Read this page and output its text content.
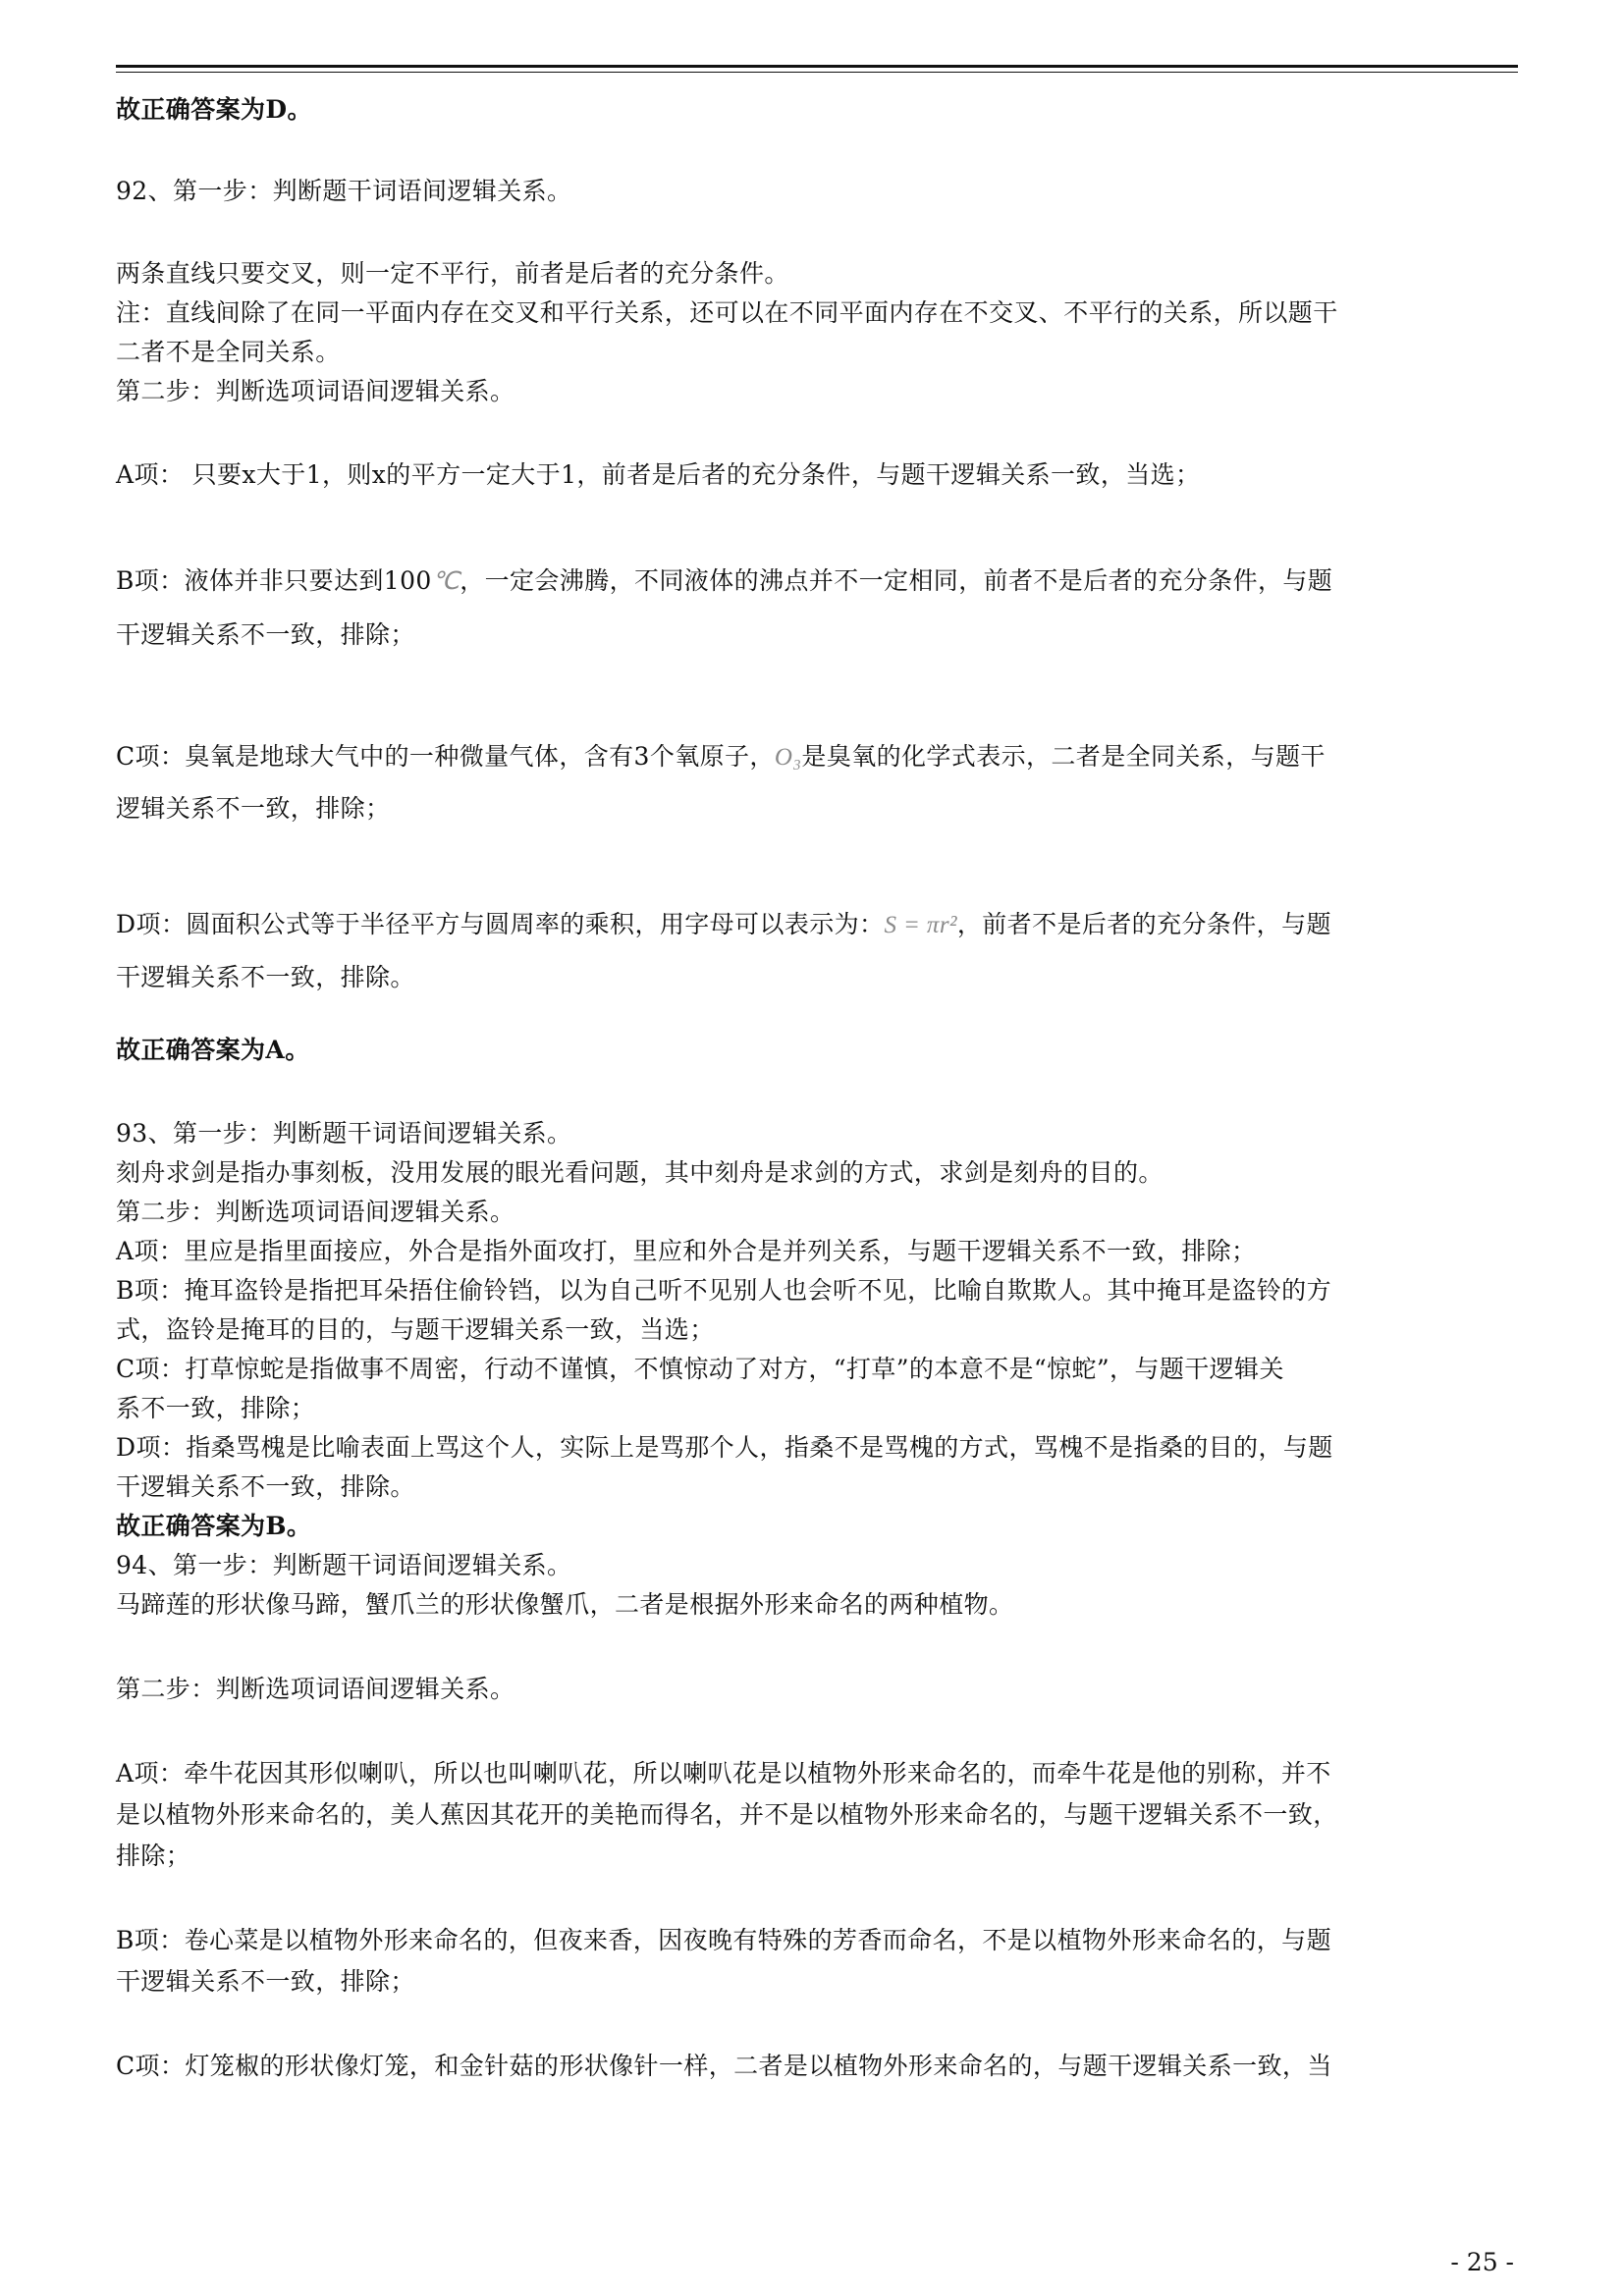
故正确答案为D。
92、第一步：判断题干词语间逻辑关系。
两条直线只要交叉，则一定不平行，前者是后者的充分条件。
注：直线间除了在同一平面内存在交叉和平行关系，还可以在不同平面内存在不交叉、不平行的关系，所以题干
二者不是全同关系。
第二步：判断选项词语间逻辑关系。
A项： 只要x大于1，则x的平方一定大于1，前者是后者的充分条件，与题干逻辑关系一致，当选；
B项：液体并非只要达到100℃，一定会沸腾，不同液体的沸点并不一定相同，前者不是后者的充分条件，与题
干逻辑关系不一致，排除；
C项：臭氧是地球大气中的一种微量气体，含有3个氧原子，O₃是臭氧的化学式表示，二者是全同关系，与题干
逻辑关系不一致，排除；
D项：圆面积公式等于半径平方与圆周率的乘积，用字母可以表示为：S = πr²，前者不是后者的充分条件，与题
干逻辑关系不一致，排除。
故正确答案为A。
93、第一步：判断题干词语间逻辑关系。
刻舟求剑是指办事刻板，没用发展的眼光看问题，其中刻舟是求剑的方式，求剑是刻舟的目的。
第二步：判断选项词语间逻辑关系。
A项：里应是指里面接应，外合是指外面攻打，里应和外合是并列关系，与题干逻辑关系不一致，排除；
B项：掩耳盗铃是指把耳朵捂住偷铃铛，以为自己听不见别人也会听不见，比喻自欺欺人。其中掩耳是盗铃的方
式，盗铃是掩耳的目的，与题干逻辑关系一致，当选；
C项：打草惊蛇是指做事不周密，行动不谨慎，不慎惊动了对方，“打草”的本意不是“惊蛇”，与题干逻辑关
系不一致，排除；
D项：指桑骂槐是比喻表面上骂这个人，实际上是骂那个人，指桑不是骂槐的方式，骂槐不是指桑的目的，与题
干逻辑关系不一致，排除。
故正确答案为B。
94、第一步：判断题干词语间逻辑关系。
马蹄莲的形状像马蹄，蟹爪兰的形状像蟹爪，二者是根据外形来命名的两种植物。
第二步：判断选项词语间逻辑关系。
A项：牵牛花因其形似喇叭，所以也叫喇叭花，所以喇叭花是以植物外形来命名的，而牵牛花是他的别称，并不
是以植物外形来命名的，美人蕉因其花开的美艳而得名，并不是以植物外形来命名的，与题干逻辑关系不一致，
排除；
B项：卷心菜是以植物外形来命名的，但夜来香，因夜晚有特殊的芳香而命名，不是以植物外形来命名的，与题
干逻辑关系不一致，排除；
C项：灯笼椒的形状像灯笼，和金针菇的形状像针一样，二者是以植物外形来命名的，与题干逻辑关系一致，当
- 25 -
